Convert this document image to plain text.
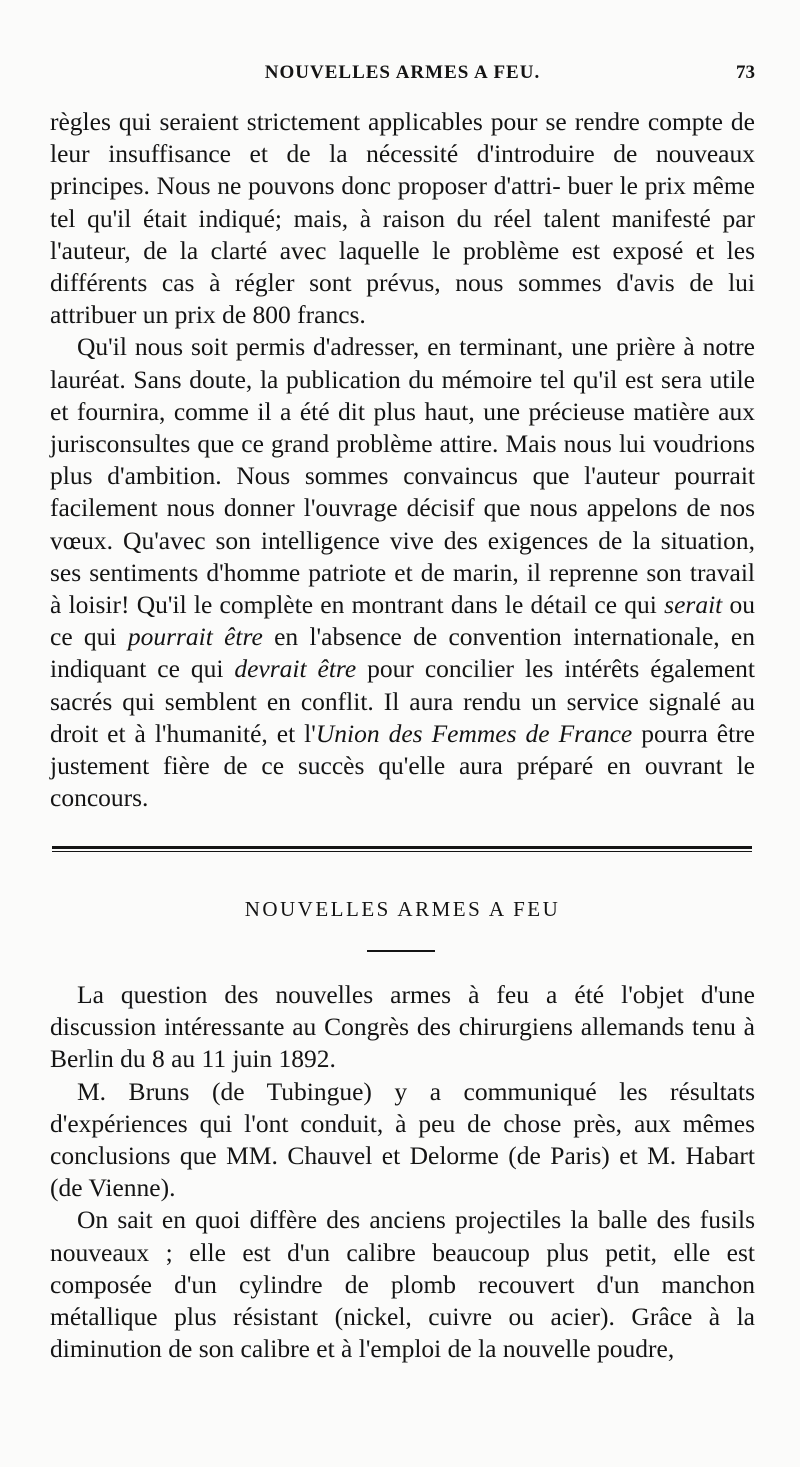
NOUVELLES ARMES A FEU.	73

règles qui seraient strictement applicables pour se rendre compte de leur insuffisance et de la nécessité d'introduire de nouveaux principes. Nous ne pouvons donc proposer d'attri- buer le prix même tel qu'il était indiqué; mais, à raison du réel talent manifesté par l'auteur, de la clarté avec laquelle le problème est exposé et les différents cas à régler sont prévus, nous sommes d'avis de lui attribuer un prix de 800 francs.

Qu'il nous soit permis d'adresser, en terminant, une prière à notre lauréat. Sans doute, la publication du mémoire tel qu'il est sera utile et fournira, comme il a été dit plus haut, une précieuse matière aux jurisconsultes que ce grand problème attire. Mais nous lui voudrions plus d'ambition. Nous sommes convaincus que l'auteur pourrait facilement nous donner l'ouvrage décisif que nous appelons de nos vœux. Qu'avec son intelligence vive des exigences de la situation, ses sentiments d'homme patriote et de marin, il reprenne son travail à loisir! Qu'il le complète en montrant dans le détail ce qui serait ou ce qui pourrait être en l'absence de convention internationale, en indiquant ce qui devrait être pour concilier les intérêts également sacrés qui semblent en conflit. Il aura rendu un service signalé au droit et à l'humanité, et l'Union des Femmes de France pourra être justement fière de ce succès qu'elle aura préparé en ouvrant le concours.

NOUVELLES ARMES A FEU

La question des nouvelles armes à feu a été l'objet d'une discussion intéressante au Congrès des chirurgiens allemands tenu à Berlin du 8 au 11 juin 1892.

M. Bruns (de Tubingue) y a communiqué les résultats d'expériences qui l'ont conduit, à peu de chose près, aux mêmes conclusions que MM. Chauvel et Delorme (de Paris) et M. Habart (de Vienne).

On sait en quoi diffère des anciens projectiles la balle des fusils nouveaux ; elle est d'un calibre beaucoup plus petit, elle est composée d'un cylindre de plomb recouvert d'un manchon métallique plus résistant (nickel, cuivre ou acier). Grâce à la diminution de son calibre et à l'emploi de la nouvelle poudre,
